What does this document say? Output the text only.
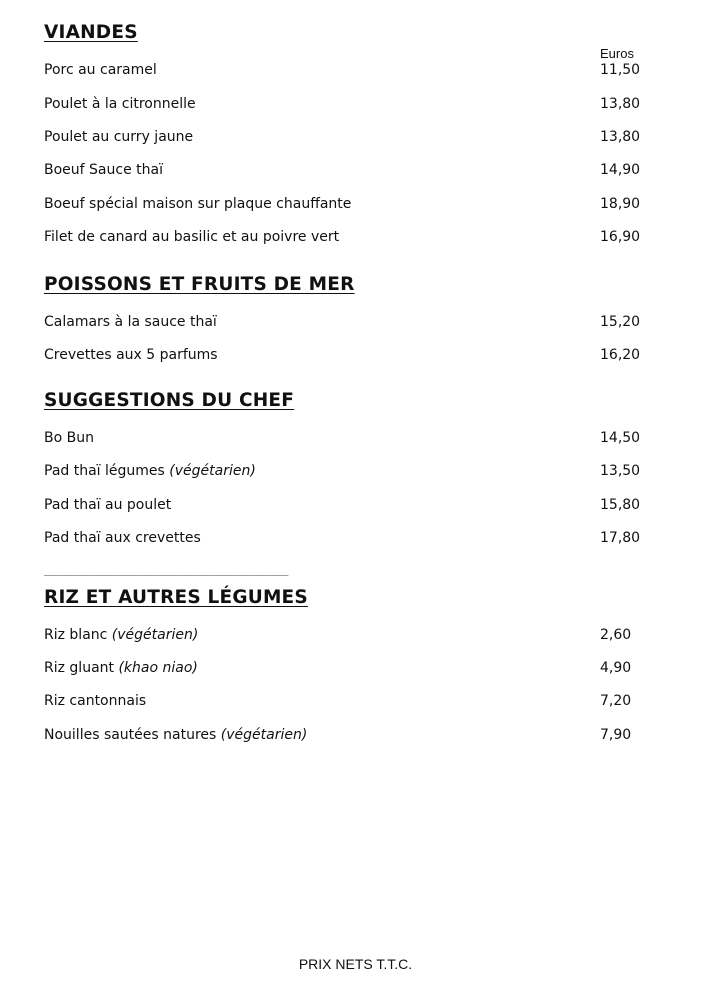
VIANDES
Euros
Porc au caramel	11,50
Poulet à la citronnelle	13,80
Poulet au curry jaune	13,80
Boeuf Sauce thaï	14,90
Boeuf spécial maison sur plaque chauffante	18,90
Filet de canard au basilic et au poivre vert	16,90
POISSONS ET FRUITS DE MER
Calamars à la sauce thaï	15,20
Crevettes aux 5 parfums	16,20
SUGGESTIONS DU CHEF
Bo Bun	14,50
Pad thaï légumes (végétarien)	13,50
Pad thaï au poulet	15,80
Pad thaï aux crevettes	17,80
_____________________________
RIZ ET AUTRES LÉGUMES
Riz blanc (végétarien)	2,60
Riz gluant (khao niao)	4,90
Riz cantonnais	7,20
Nouilles sautées natures (végétarien)	7,90
PRIX NETS T.T.C.
